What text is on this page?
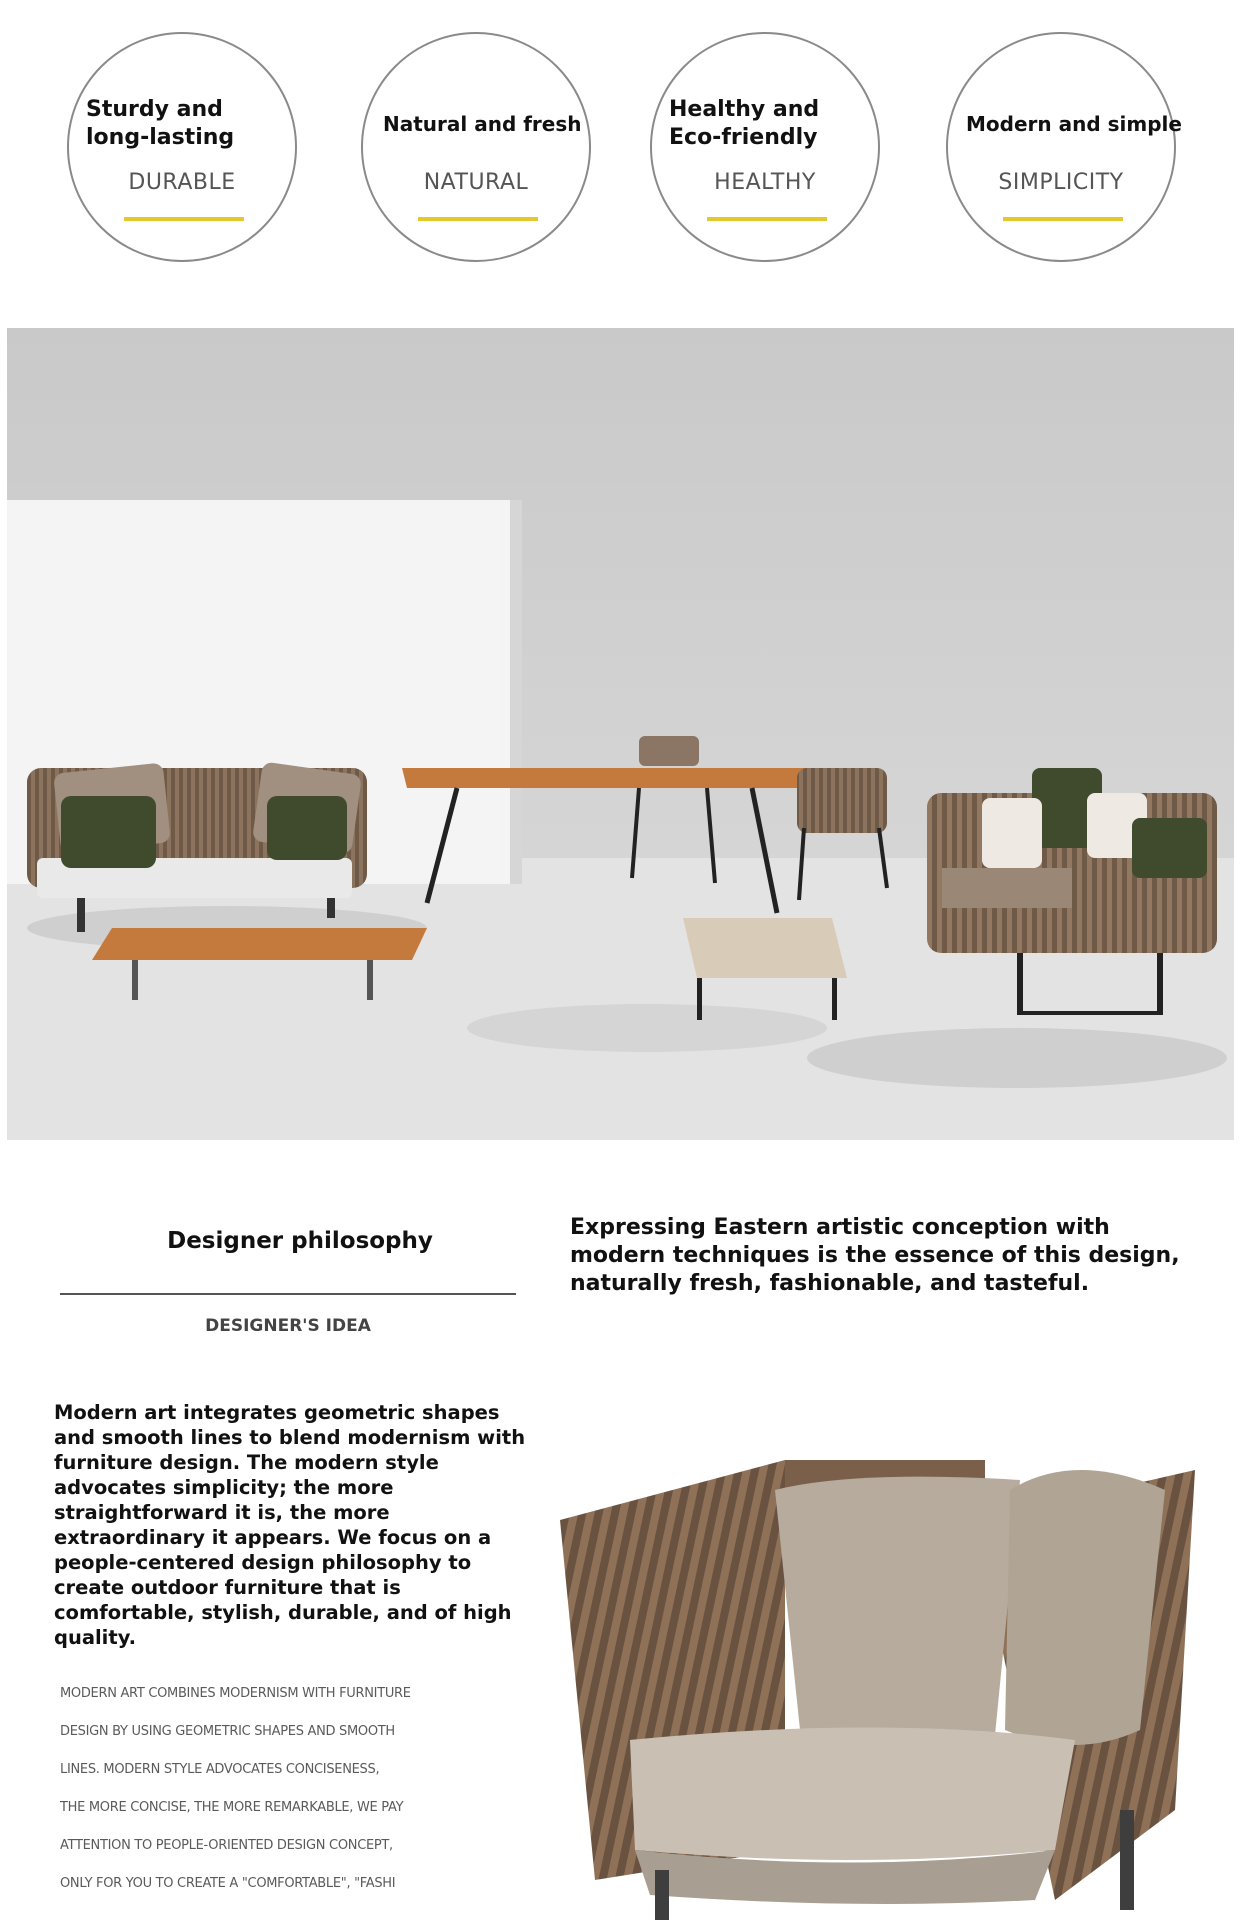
Sturdy and
long-lasting
DURABLE
Natural and fresh
NATURAL
Healthy and
Eco-friendly
HEALTHY
Modern and simple
SIMPLICITY
Designer philosophy
DESIGNER'S IDEA
Expressing Eastern artistic conception with modern techniques is the essence of this design, naturally fresh, fashionable, and tasteful.
Modern art integrates geometric shapes and smooth lines to blend modernism with furniture design. The modern style advocates simplicity; the more straightforward it is, the more extraordinary it appears. We focus on a people-centered design philosophy to create outdoor furniture that is comfortable, stylish, durable, and of high quality.
MODERN ART COMBINES MODERNISM WITH FURNITURE
DESIGN BY USING GEOMETRIC SHAPES AND SMOOTH
LINES. MODERN STYLE ADVOCATES CONCISENESS,
THE MORE CONCISE, THE MORE REMARKABLE, WE PAY
ATTENTION TO PEOPLE-ORIENTED DESIGN CONCEPT,
ONLY FOR YOU TO CREATE A "COMFORTABLE", "FASHI
